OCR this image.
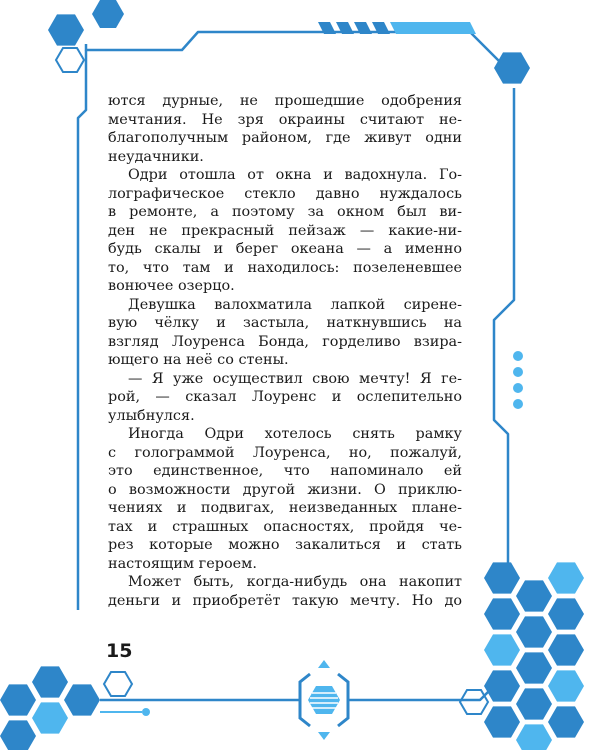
ются дурные, не прошедшие одобрения
мечтания. Не зря окраины считают не-
благополучным районом, где живут одни
неудачники.

Одри отошла от окна и вадохнула. Го-
лографическое стекло давно нуждалось
в ремонте, а поэтому за окном был ви-
ден не прекрасный пейзаж — какие-ни-
будь скалы и берег океана — а именно
то, что там и находилось: позеленевшее
вонючее озерцо.

Девушка валохматила лапкой сирене-
вую чёлку и застыла, наткнувшись на
взгляд Лоуренса Бонда, горделиво взира-
ющего на неё со стены.

— Я уже осуществил свою мечту! Я ге-
рой, — сказал Лоуренс и ослепительно
улыбнулся.

Иногда Одри хотелось снять рамку
с голограммой Лоуренса, но, пожалуй,
это единственное, что напоминало ей
о возможности другой жизни. О приклю-
чениях и подвигах, неизведанных плане-
тах и страшных опасностях, пройдя че-
рез которые можно закалиться и стать
настоящим героем.

Может быть, когда-нибудь она накопит
деньги и приобретёт такую мечту. Но до

15
